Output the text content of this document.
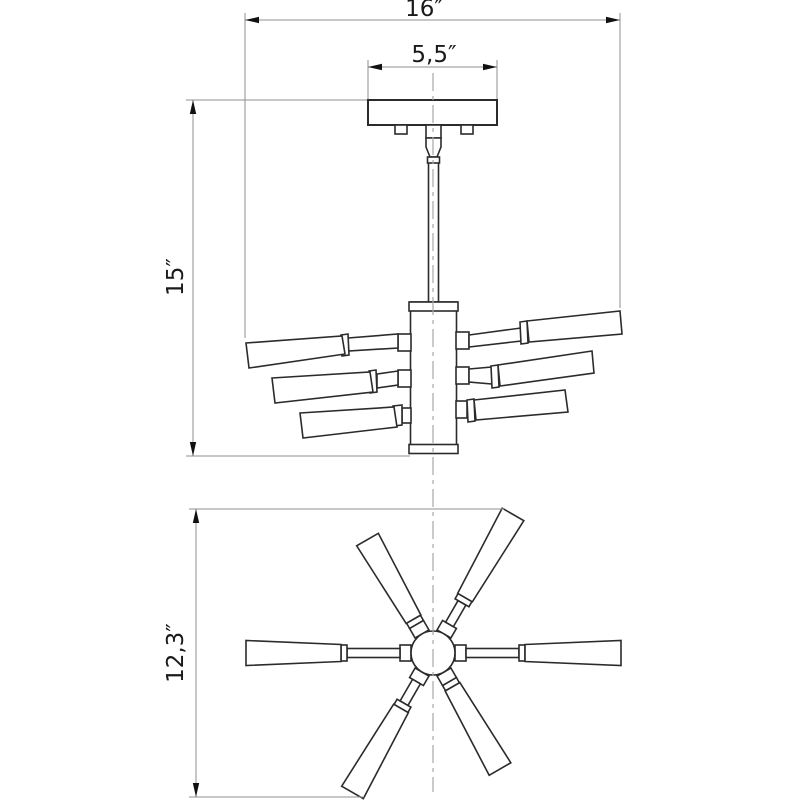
16″
5,5″
15″
12,3″
